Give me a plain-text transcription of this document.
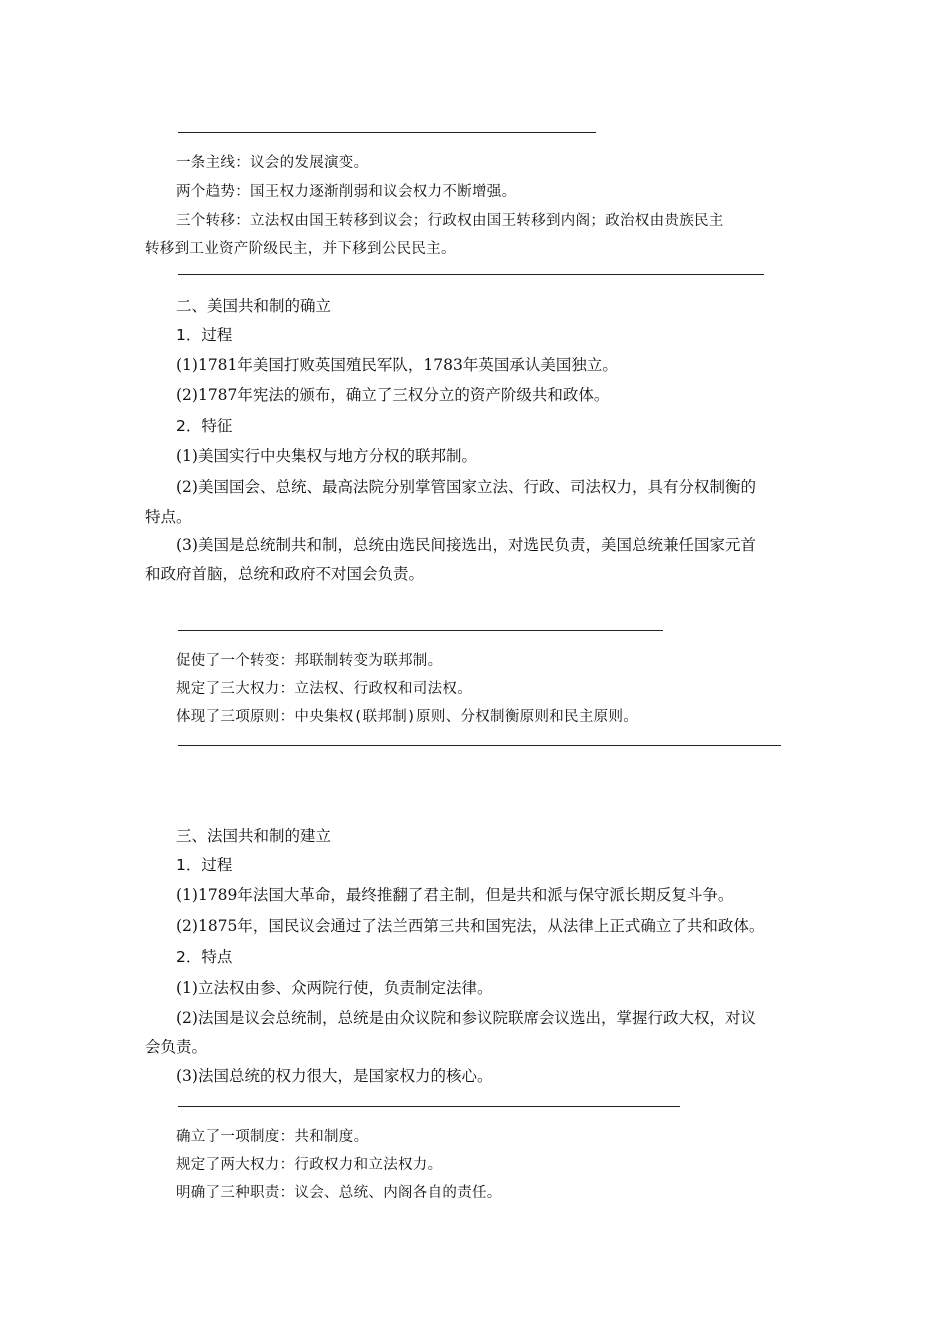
一条主线：议会的发展演变。
两个趋势：国王权力逐渐削弱和议会权力不断增强。
三个转移：立法权由国王转移到议会；行政权由国王转移到内阁；政治权由贵族民主
转移到工业资产阶级民主，并下移到公民民主。
二、美国共和制的确立
1．过程
(1)1781年美国打败英国殖民军队，1783年英国承认美国独立。
(2)1787年宪法的颁布，确立了三权分立的资产阶级共和政体。
2．特征
(1)美国实行中央集权与地方分权的联邦制。
(2)美国国会、总统、最高法院分别掌管国家立法、行政、司法权力，具有分权制衡的
特点。
(3)美国是总统制共和制，总统由选民间接选出，对选民负责，美国总统兼任国家元首
和政府首脑，总统和政府不对国会负责。
促使了一个转变：邦联制转变为联邦制。
规定了三大权力：立法权、行政权和司法权。
体现了三项原则：中央集权(联邦制)原则、分权制衡原则和民主原则。
三、法国共和制的建立
1．过程
(1)1789年法国大革命，最终推翻了君主制，但是共和派与保守派长期反复斗争。
(2)1875年，国民议会通过了法兰西第三共和国宪法，从法律上正式确立了共和政体。
2．特点
(1)立法权由参、众两院行使，负责制定法律。
(2)法国是议会总统制，总统是由众议院和参议院联席会议选出，掌握行政大权，对议
会负责。
(3)法国总统的权力很大，是国家权力的核心。
确立了一项制度：共和制度。
规定了两大权力：行政权力和立法权力。
明确了三种职责：议会、总统、内阁各自的责任。
